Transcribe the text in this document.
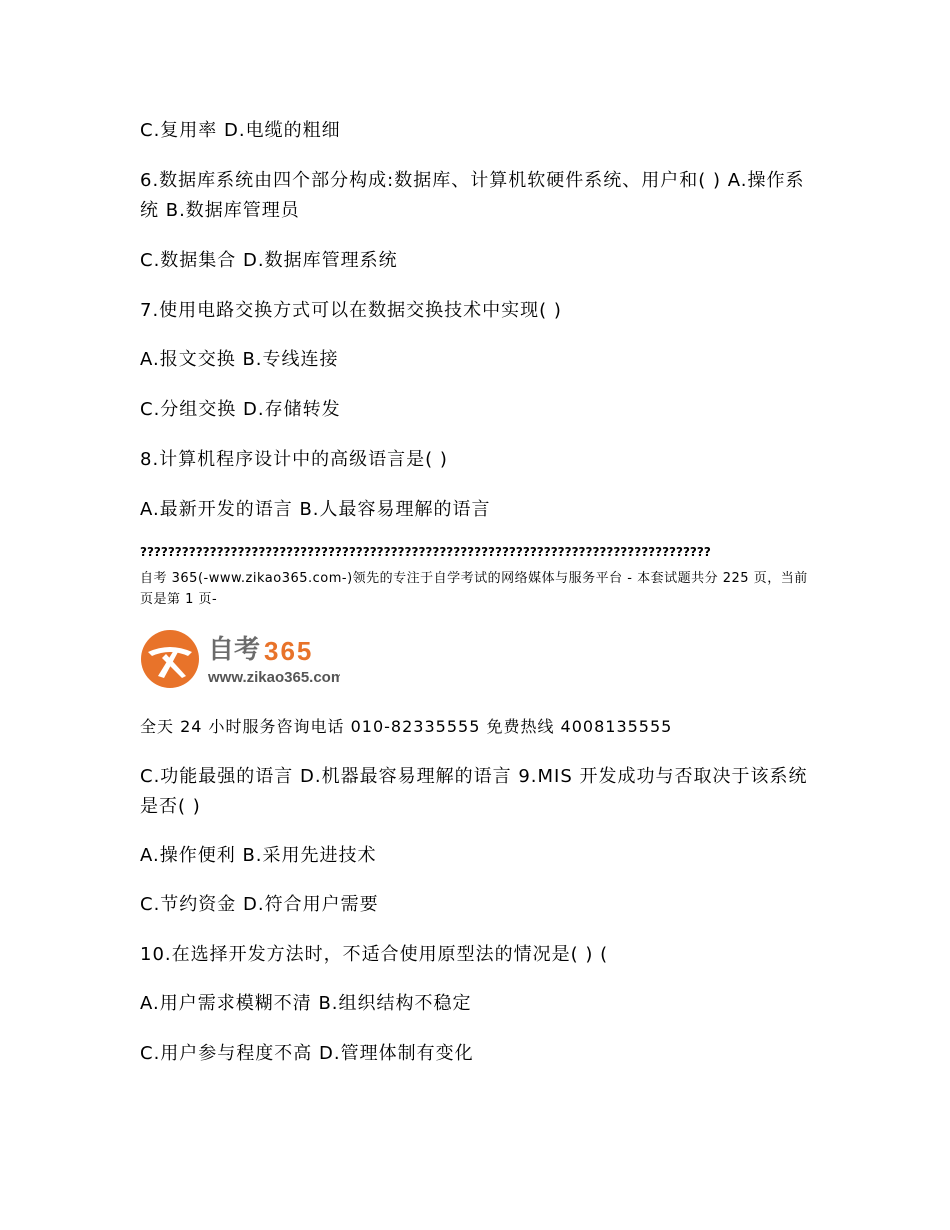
C.复用率 D.电缆的粗细
6.数据库系统由四个部分构成:数据库、计算机软硬件系统、用户和( ) A.操作系统 B.数据库管理员
C.数据集合 D.数据库管理系统
7.使用电路交换方式可以在数据交换技术中实现( )
A.报文交换 B.专线连接
C.分组交换 D.存储转发
8.计算机程序设计中的高级语言是( )
A.最新开发的语言 B.人最容易理解的语言
??????????????????????????????????????????????????????????????????????????????????
自考 365(-www.zikao365.com-)领先的专注于自学考试的网络媒体与服务平台 - 本套试题共分 225 页，当前页是第 1 页-
自考 365
www.zikao365.com
全天 24 小时服务咨询电话 010-82335555 免费热线 4008135555
C.功能最强的语言 D.机器最容易理解的语言 9.MIS 开发成功与否取决于该系统是否( )
A.操作便利 B.采用先进技术
C.节约资金 D.符合用户需要
10.在选择开发方法时，不适合使用原型法的情况是( ) (
A.用户需求模糊不清 B.组织结构不稳定
C.用户参与程度不高 D.管理体制有变化
